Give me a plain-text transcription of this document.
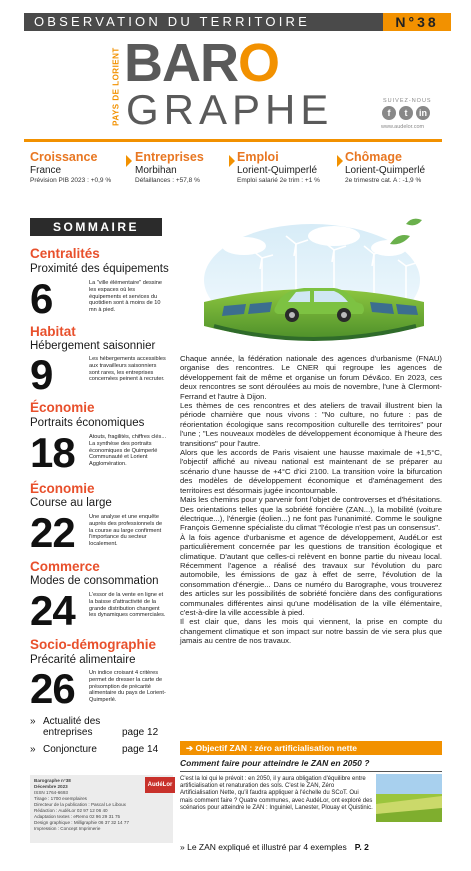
OBSERVATION DU TERRITOIRE	N°38
PAYS DE LORIENT BARO
GRAPHE	SUIVEZ-NOUS
f	t	in
www.audelor.com
Croissance
France
Prévision PIB 2023 : +0,9 %
Entreprises
Morbihan
Défaillances : +57,8 %
Emploi
Lorient-Quimperlé
Emploi salarié 2e trim : +1 %
Chômage
Lorient-Quimperlé
2e trimestre cat. A : -1,9 %
SOMMAIRE
Centralités
Proximité des équipements
6	La "ville élémentaire" dessine les espaces où les équipements et services du quotidien sont à moins de 10 mn à pied.
Habitat
Hébergement saisonnier
9	Les hébergements accessibles aux travailleurs saisonniers sont rares, les entreprises concernées peinent à recruter.
Économie
Portraits économiques
18	Atouts, fragilités, chiffres clés... La synthèse des portraits économiques de Quimperlé Communauté et Lorient Agglomération.
Économie
Course au large
22	Une analyse et une enquête auprès des professionnels de la course au large confirment l'importance du secteur localement.
Commerce
Modes de consommation
24	L'essor de la vente en ligne et la baisse d'attractivité de la grande distribution changent les dynamiques commerciales.
Socio-démographie
Précarité alimentaire
26	Un indice croisant 4 critères permet de dresser la carte de présomption de précarité alimentaire du pays de Lorient-Quimperlé.
» Actualité des entreprises	page 12
» Conjoncture	page 14
Barographe n°38
Décembre 2023
ISSN 1764-6693
Tirage : 1700 exemplaires
Directeur de la publication : Pascal Le Liboux
Rédaction : AudéLor 02 97 12 06 40
Adaptation textes : eRemo 02 96 29 31 75
Design graphique : Milligraphie 06 37 32 14 77
Impression : Concept Imprimerie
AudéLor

Chaque année, la fédération nationale des agences d'urbanisme (FNAU) organise des rencontres. Le CNER qui regroupe les agences de développement fait de même et organise un forum Dév&co. En 2023, ces deux rencontres se sont déroulées au mois de novembre, l'une à Clermont-Ferrand et l'autre à Dijon.

Les thèmes de ces rencontres et des ateliers de travail illustrent bien la période charnière que nous vivons : "No culture, no future : pas de réorientation écologique sans recomposition culturelle des territoires" pour l'une ; "Les nouveaux modèles de développement économique à l'heure des transitions" pour l'autre.

Alors que les accords de Paris visaient une hausse maximale de +1,5°C, l'objectif affiché au niveau national est maintenant de se préparer au scénario d'une hausse de +4°C d'ici 2100. La transition voire la bifurcation des modèles de développement économique et d'aménagement des territoires est désormais jugée incontournable.

Mais les chemins pour y parvenir font l'objet de controverses et d'hésitations. Des orientations telles que la sobriété foncière (ZAN...), la mobilité (voiture électrique...), l'énergie (éolien...) ne font pas l'unanimité. Comme le souligne François Gemenne spécialiste du climat "l'écologie n'est pas un consensus".

À la fois agence d'urbanisme et agence de développement, AudéLor est particulièrement concernée par les questions de transition écologique et climatique. D'autant que celles-ci relèvent en bonne partie du niveau local. Récemment l'agence a réalisé des travaux sur l'évolution du parc automobile, les émissions de gaz à effet de serre, l'évolution de la consommation d'énergie... Dans ce numéro du Barographe, vous trouverez des articles sur les possibilités de sobriété foncière dans des configurations communales différentes ainsi qu'une modélisation de la ville élémentaire, c'est-à-dire la ville accessible à pied.

Il est clair que, dans les mois qui viennent, la prise en compte du changement climatique et son impact sur notre bassin de vie sera plus que jamais au centre de nos travaux.

➔ Objectif ZAN : zéro artificialisation nette
Comment faire pour atteindre le ZAN en 2050 ?
C'est la loi qui le prévoit : en 2050, il y aura obligation d'équilibre entre artificialisation et renaturation des sols. C'est le ZAN, Zéro Artificialisation Nette, qu'il faudra appliquer à l'échelle du SCoT. Oui mais comment faire ? Quatre communes, avec AudéLor, ont exploré des scénarios pour atteindre le ZAN : Inguiniel, Lanester, Plouay et Quistinic.
» Le ZAN expliqué et illustré par 4 exemples P. 2
